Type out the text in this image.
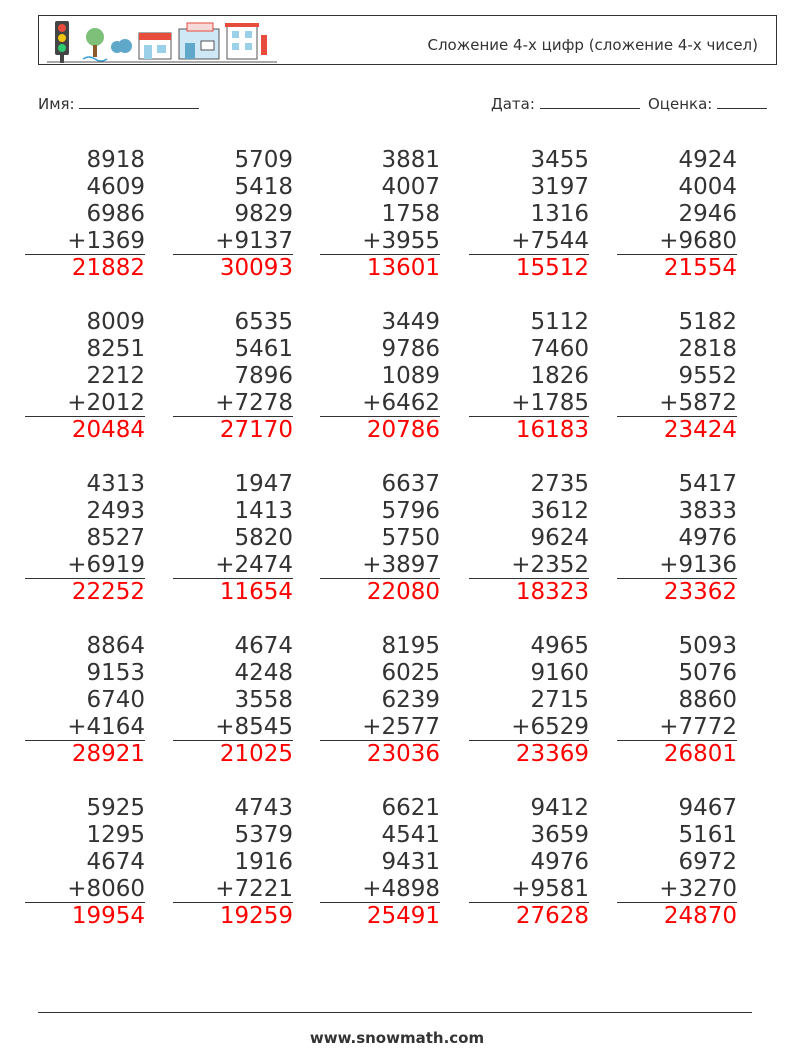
Сложение 4-х цифр (сложение 4-х чисел)
Имя:	Дата:	Оценка:
8918
4609
6986
+1369
21882
5709
5418
9829
+9137
30093
3881
4007
1758
+3955
13601
3455
3197
1316
+7544
15512
4924
4004
2946
+9680
21554
8009
8251
2212
+2012
20484
6535
5461
7896
+7278
27170
3449
9786
1089
+6462
20786
5112
7460
1826
+1785
16183
5182
2818
9552
+5872
23424
4313
2493
8527
+6919
22252
1947
1413
5820
+2474
11654
6637
5796
5750
+3897
22080
2735
3612
9624
+2352
18323
5417
3833
4976
+9136
23362
8864
9153
6740
+4164
28921
4674
4248
3558
+8545
21025
8195
6025
6239
+2577
23036
4965
9160
2715
+6529
23369
5093
5076
8860
+7772
26801
5925
1295
4674
+8060
19954
4743
5379
1916
+7221
19259
6621
4541
9431
+4898
25491
9412
3659
4976
+9581
27628
9467
5161
6972
+3270
24870
www.snowmath.com
